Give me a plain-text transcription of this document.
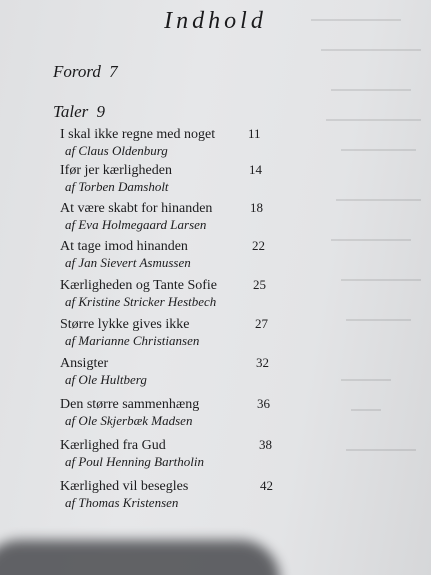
Indhold
Forord 7
Taler 9
I skal ikke regne med noget
af Claus Oldenburg
11
Ifør jer kærligheden
af Torben Damsholt
14
At være skabt for hinanden
af Eva Holmegaard Larsen
18
At tage imod hinanden
af Jan Sievert Asmussen
22
Kærligheden og Tante Sofie
af Kristine Stricker Hestbech
25
Større lykke gives ikke
af Marianne Christiansen
27
Ansigter
af Ole Hultberg
32
Den større sammenhæng
af Ole Skjerbæk Madsen
36
Kærlighed fra Gud
af Poul Henning Bartholin
38
Kærlighed vil besegles
af Thomas Kristensen
42
